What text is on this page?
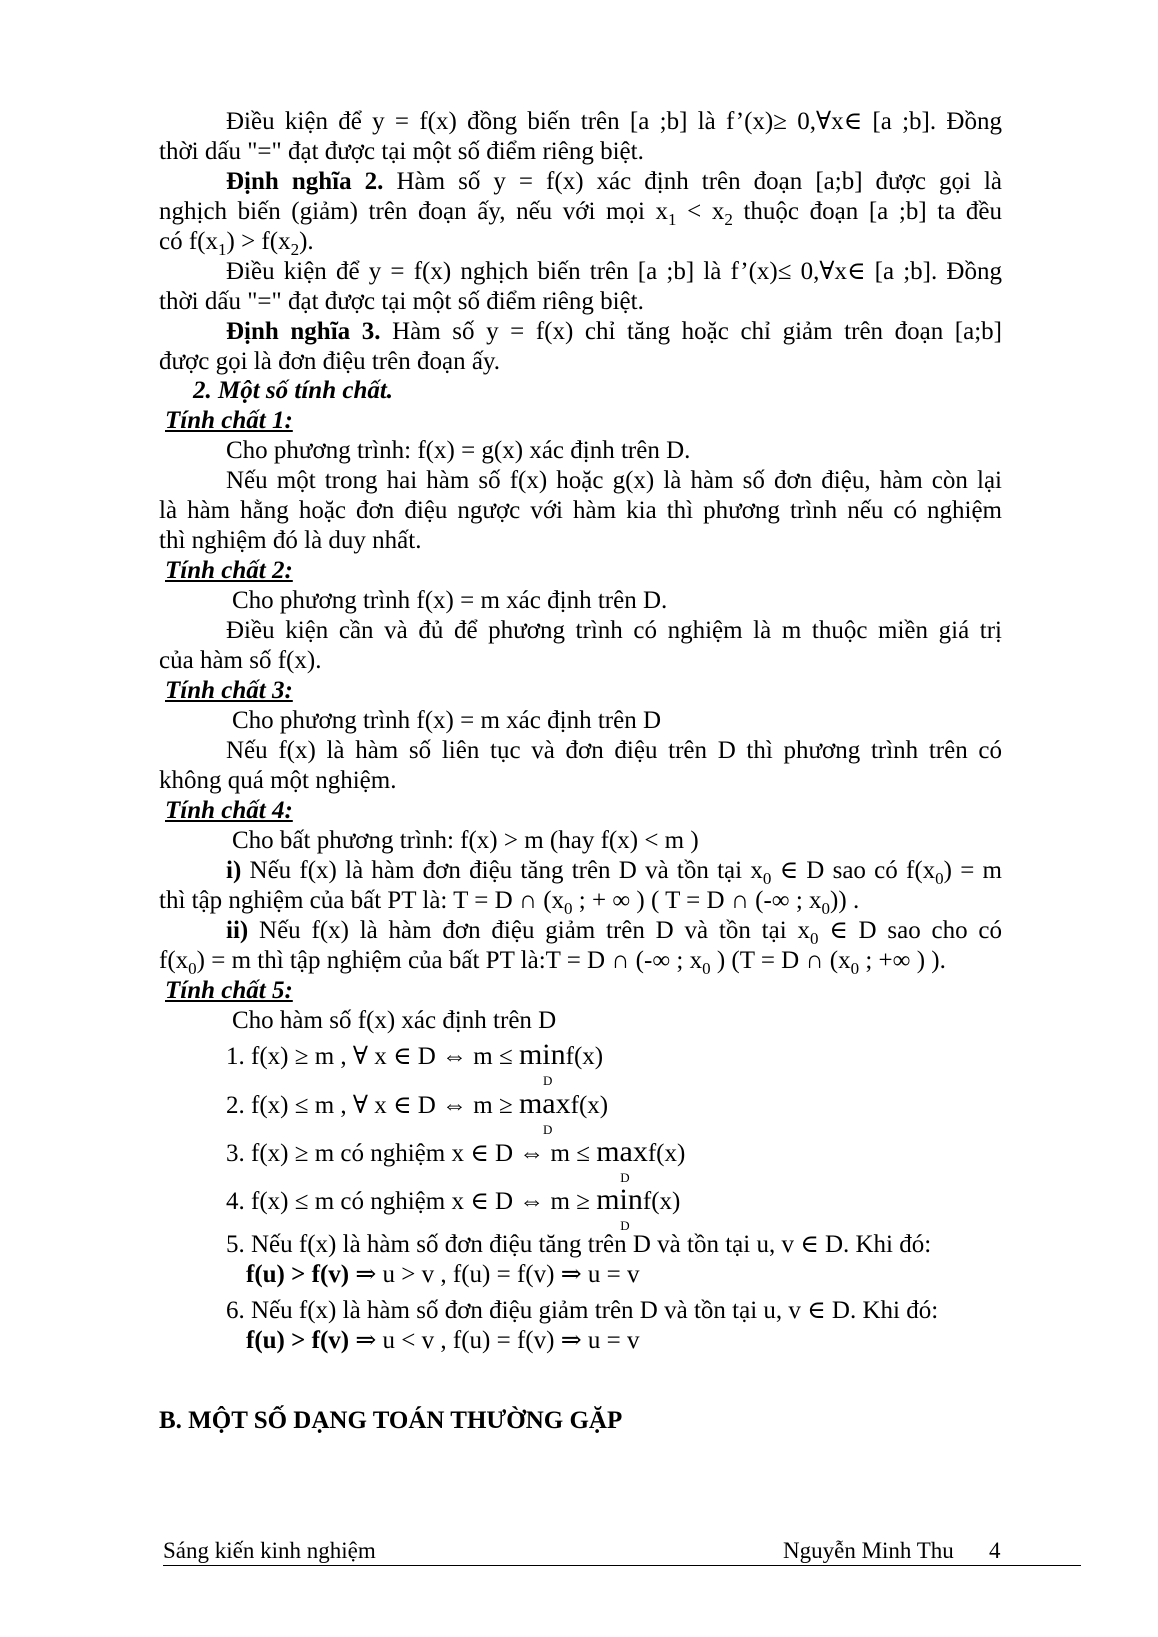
Điều kiện để y = f(x) đồng biến trên [a ;b] là f’(x)≥ 0,∀x∈ [a ;b]. Đồng
thời dấu "=" đạt được tại một số điểm riêng biệt.
Định nghĩa 2. Hàm số y = f(x) xác định trên đoạn [a;b] được gọi là
nghịch biến (giảm) trên đoạn ấy, nếu với mọi $x_1 < x_2$ thuộc đoạn [a ;b] ta đều
có $f(x_1) > f(x_2)$.
Điều kiện để y = f(x) nghịch biến trên [a ;b] là f’(x)≤ 0,∀x∈ [a ;b]. Đồng
thời dấu "=" đạt được tại một số điểm riêng biệt.
Định nghĩa 3. Hàm số y = f(x) chỉ tăng hoặc chỉ giảm trên đoạn [a;b]
được gọi là đơn điệu trên đoạn ấy.
2. Một số tính chất.
Tính chất 1:
Cho phương trình: f(x) = g(x) xác định trên D.
Nếu một trong hai hàm số f(x) hoặc g(x) là hàm số đơn điệu, hàm còn lại
là hàm hằng hoặc đơn điệu ngược với hàm kia thì phương trình nếu có nghiệm
thì nghiệm đó là duy nhất.
Tính chất 2:
Cho phương trình f(x) = m xác định trên D.
Điều kiện cần và đủ để phương trình có nghiệm là m thuộc miền giá trị
của hàm số f(x).
Tính chất 3:
Cho phương trình f(x) = m xác định trên D
Nếu f(x) là hàm số liên tục và đơn điệu trên D thì phương trình trên có
không quá một nghiệm.
Tính chất 4:
Cho bất phương trình: f(x) > m (hay f(x) < m )
i) Nếu f(x) là hàm đơn điệu tăng trên D và tồn tại $x_0$ ∈ D sao có $f(x_0) = m$
thì tập nghiệm của bất PT là: T = D ∩ ($x_0$ ; + ∞ ) ( T = D ∩ (-∞ ; $x_0$)) .
ii) Nếu f(x) là hàm đơn điệu giảm trên D và tồn tại $x_0$ ∈ D sao cho có
$f(x_0) = m$ thì tập nghiệm của bất PT là:T = D ∩ (-∞ ; $x_0$ ) (T = D ∩ ($x_0$ ; +∞ ) ).
Tính chất 5:
Cho hàm số f(x) xác định trên D
1. f(x) ≥ m , ∀ x ∈ D ⇔ m ≤ min
D
f(x)
2. f(x) ≤ m , ∀ x ∈ D ⇔ m ≥ max
D
f(x)
3. f(x) ≥ m có nghiệm x ∈ D ⇔ m ≤ max
D
f(x)
4. f(x) ≤ m có nghiệm x ∈ D ⇔ m ≥ min
D
f(x)
5. Nếu f(x) là hàm số đơn điệu tăng trên D và tồn tại u, v ∈ D. Khi đó:
f(u) > f(v) ⇒ u > v , f(u) = f(v) ⇒ u = v
6. Nếu f(x) là hàm số đơn điệu giảm trên D và tồn tại u, v ∈ D. Khi đó:
f(u) > f(v) ⇒ u < v , f(u) = f(v) ⇒ u = v
B. MỘT SỐ DẠNG TOÁN THƯỜNG GẶP
Sáng kiến kinh nghiệm	Nguyễn Minh Thu 4
